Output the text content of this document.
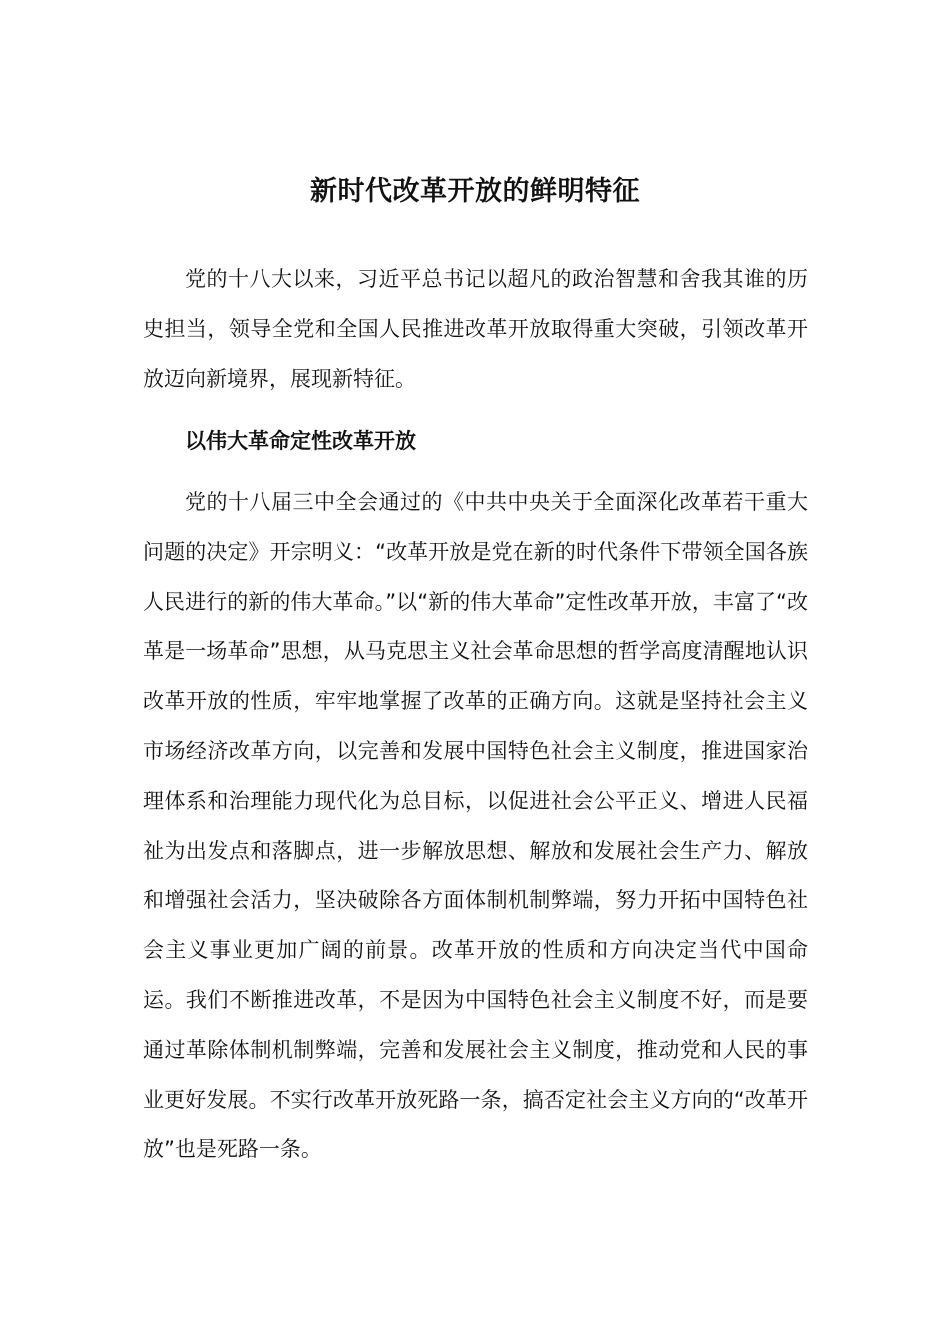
新时代改革开放的鲜明特征

党的十八大以来，习近平总书记以超凡的政治智慧和舍我其谁的历史担当，领导全党和全国人民推进改革开放取得重大突破，引领改革开放迈向新境界，展现新特征。

以伟大革命定性改革开放

党的十八届三中全会通过的《中共中央关于全面深化改革若干重大问题的决定》开宗明义：“改革开放是党在新的时代条件下带领全国各族人民进行的新的伟大革命。”以“新的伟大革命”定性改革开放，丰富了“改革是一场革命”思想，从马克思主义社会革命思想的哲学高度清醒地认识改革开放的性质，牢牢地掌握了改革的正确方向。这就是坚持社会主义市场经济改革方向，以完善和发展中国特色社会主义制度，推进国家治理体系和治理能力现代化为总目标，以促进社会公平正义、增进人民福祉为出发点和落脚点，进一步解放思想、解放和发展社会生产力、解放和增强社会活力，坚决破除各方面体制机制弊端，努力开拓中国特色社会主义事业更加广阔的前景。改革开放的性质和方向决定当代中国命运。我们不断推进改革，不是因为中国特色社会主义制度不好，而是要通过革除体制机制弊端，完善和发展社会主义制度，推动党和人民的事业更好发展。不实行改革开放死路一条，搞否定社会主义方向的“改革开放”也是死路一条。
